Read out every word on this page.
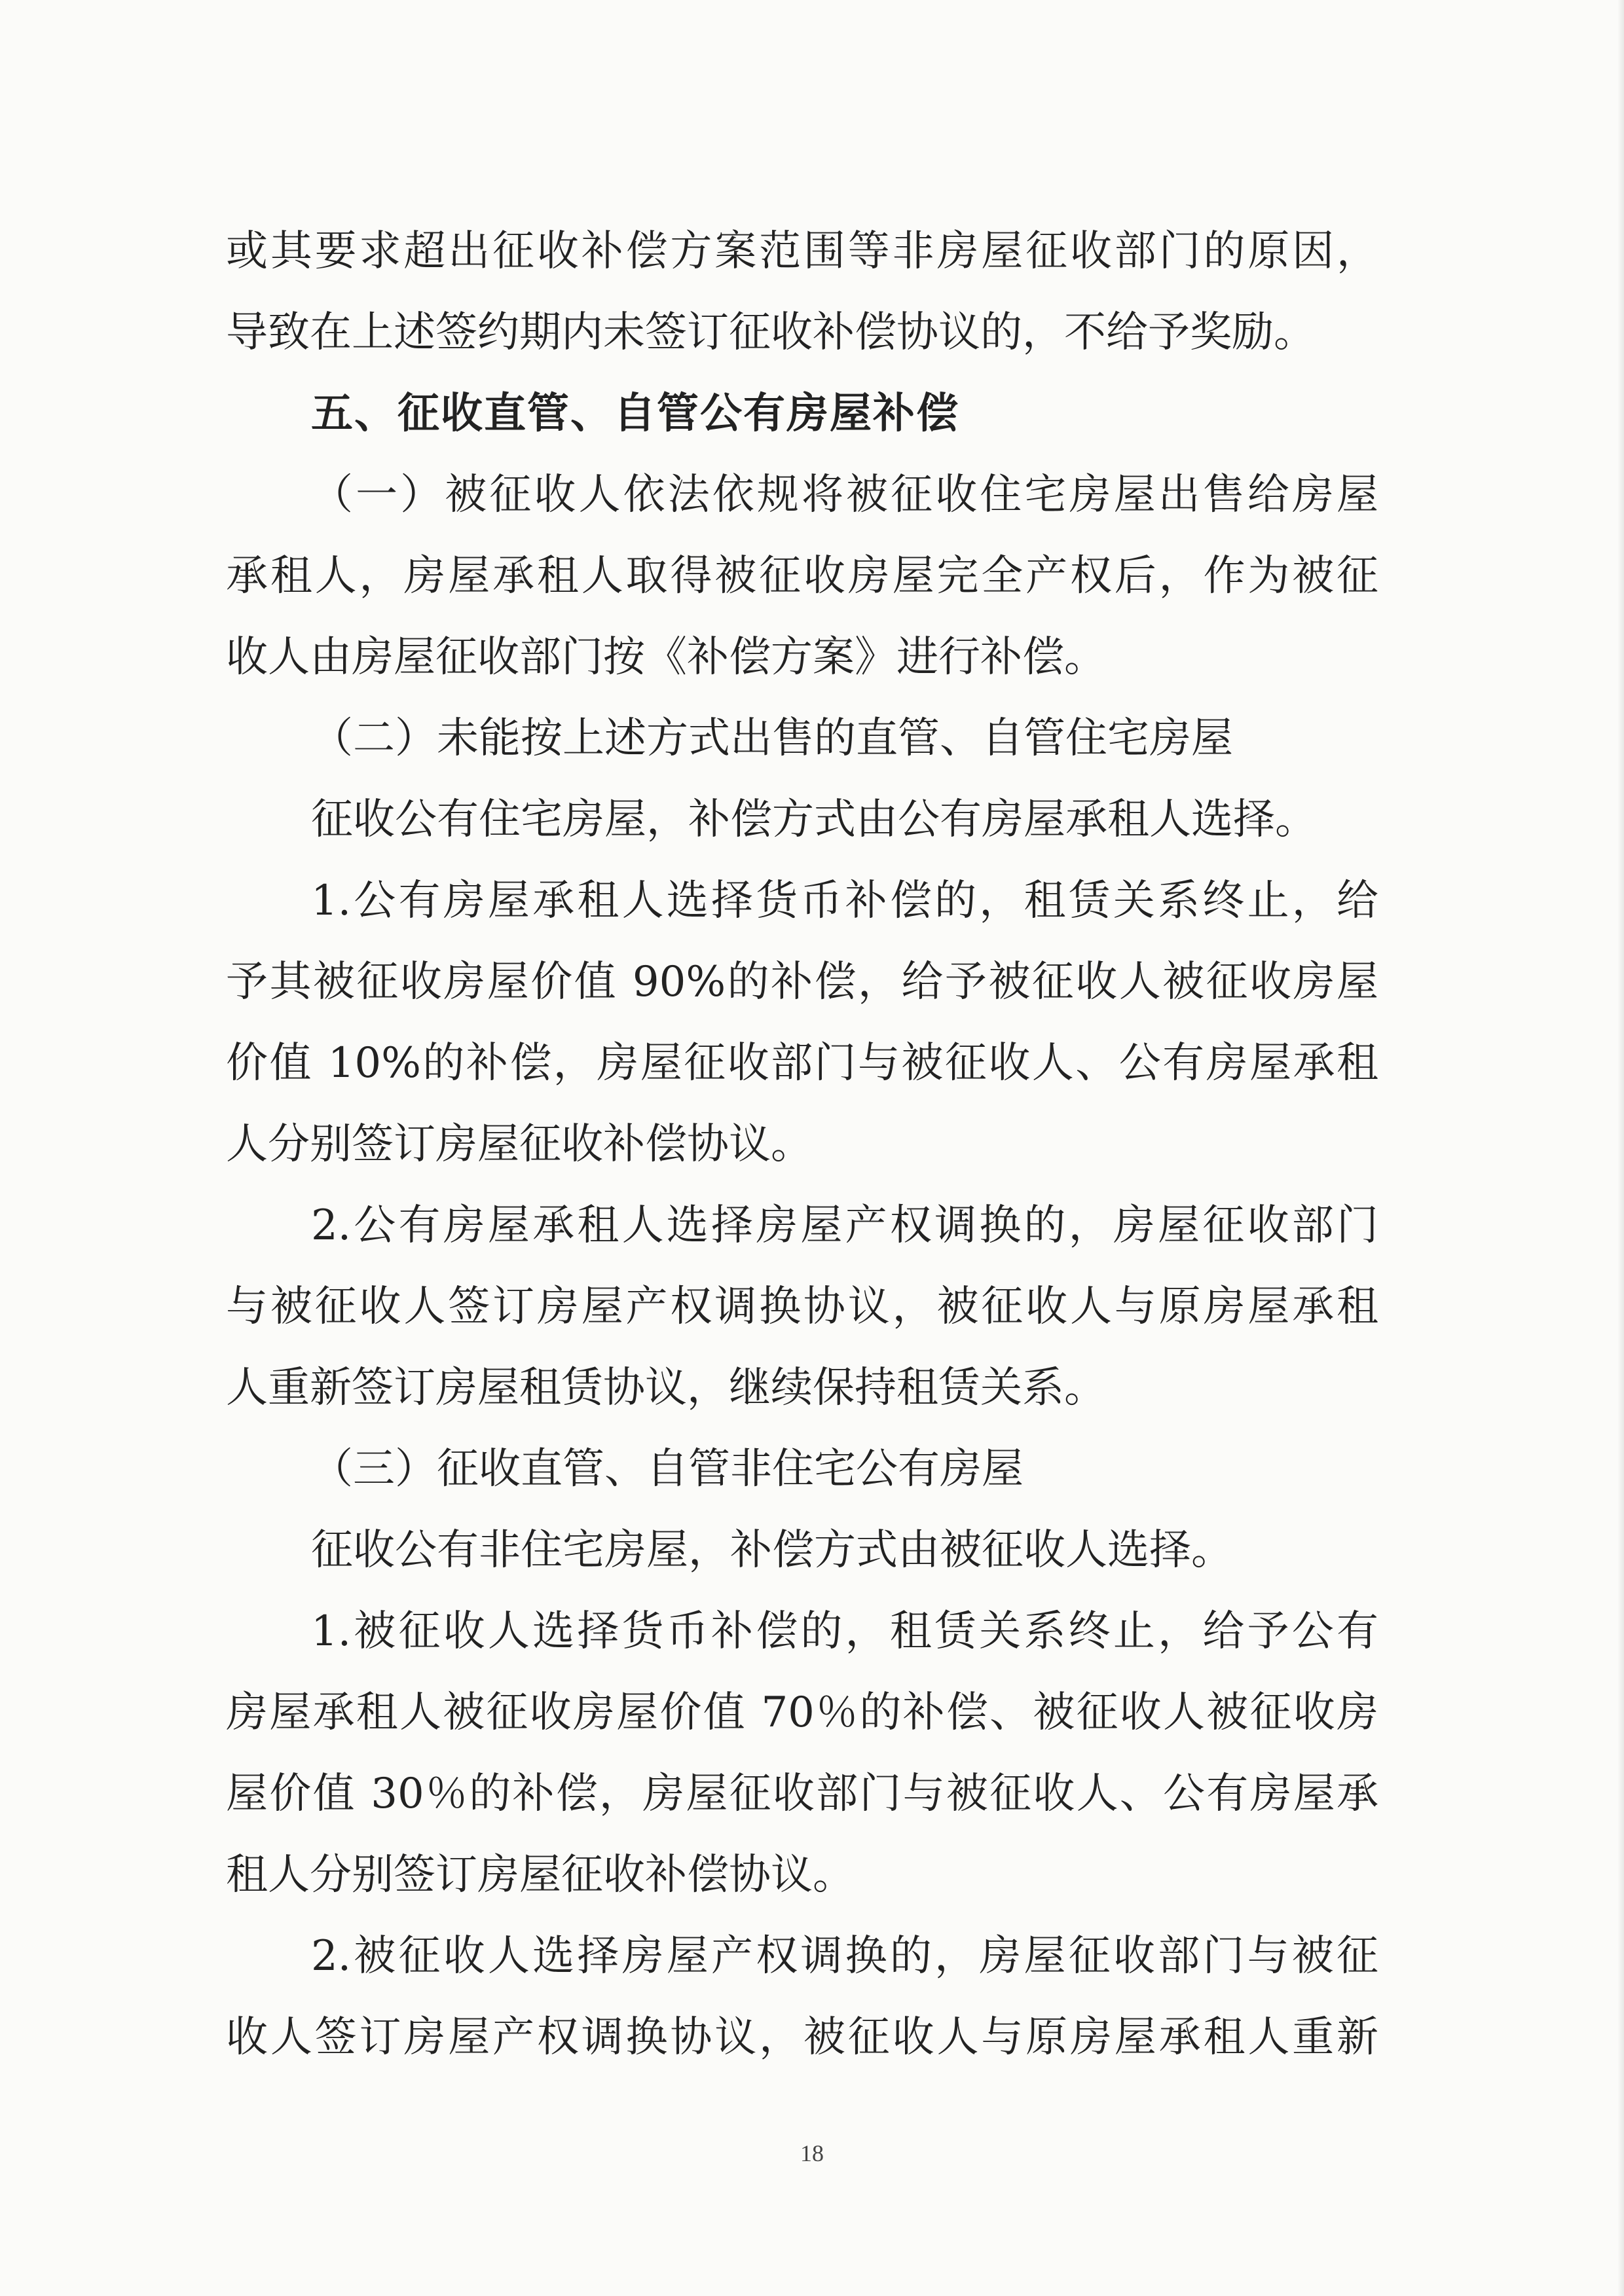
或其要求超出征收补偿方案范围等非房屋征收部门的原因，
导致在上述签约期内未签订征收补偿协议的，不给予奖励。
五、征收直管、自管公有房屋补偿
（一）被征收人依法依规将被征收住宅房屋出售给房屋
承租人，房屋承租人取得被征收房屋完全产权后，作为被征
收人由房屋征收部门按《补偿方案》进行补偿。
（二）未能按上述方式出售的直管、自管住宅房屋
征收公有住宅房屋，补偿方式由公有房屋承租人选择。
1.公有房屋承租人选择货币补偿的，租赁关系终止，给
予其被征收房屋价值 90%的补偿，给予被征收人被征收房屋
价值 10%的补偿，房屋征收部门与被征收人、公有房屋承租
人分别签订房屋征收补偿协议。
2.公有房屋承租人选择房屋产权调换的，房屋征收部门
与被征收人签订房屋产权调换协议，被征收人与原房屋承租
人重新签订房屋租赁协议，继续保持租赁关系。
（三）征收直管、自管非住宅公有房屋
征收公有非住宅房屋，补偿方式由被征收人选择。
1.被征收人选择货币补偿的，租赁关系终止，给予公有
房屋承租人被征收房屋价值 70％的补偿、被征收人被征收房
屋价值 30％的补偿，房屋征收部门与被征收人、公有房屋承
租人分别签订房屋征收补偿协议。
2.被征收人选择房屋产权调换的，房屋征收部门与被征
收人签订房屋产权调换协议，被征收人与原房屋承租人重新
18
